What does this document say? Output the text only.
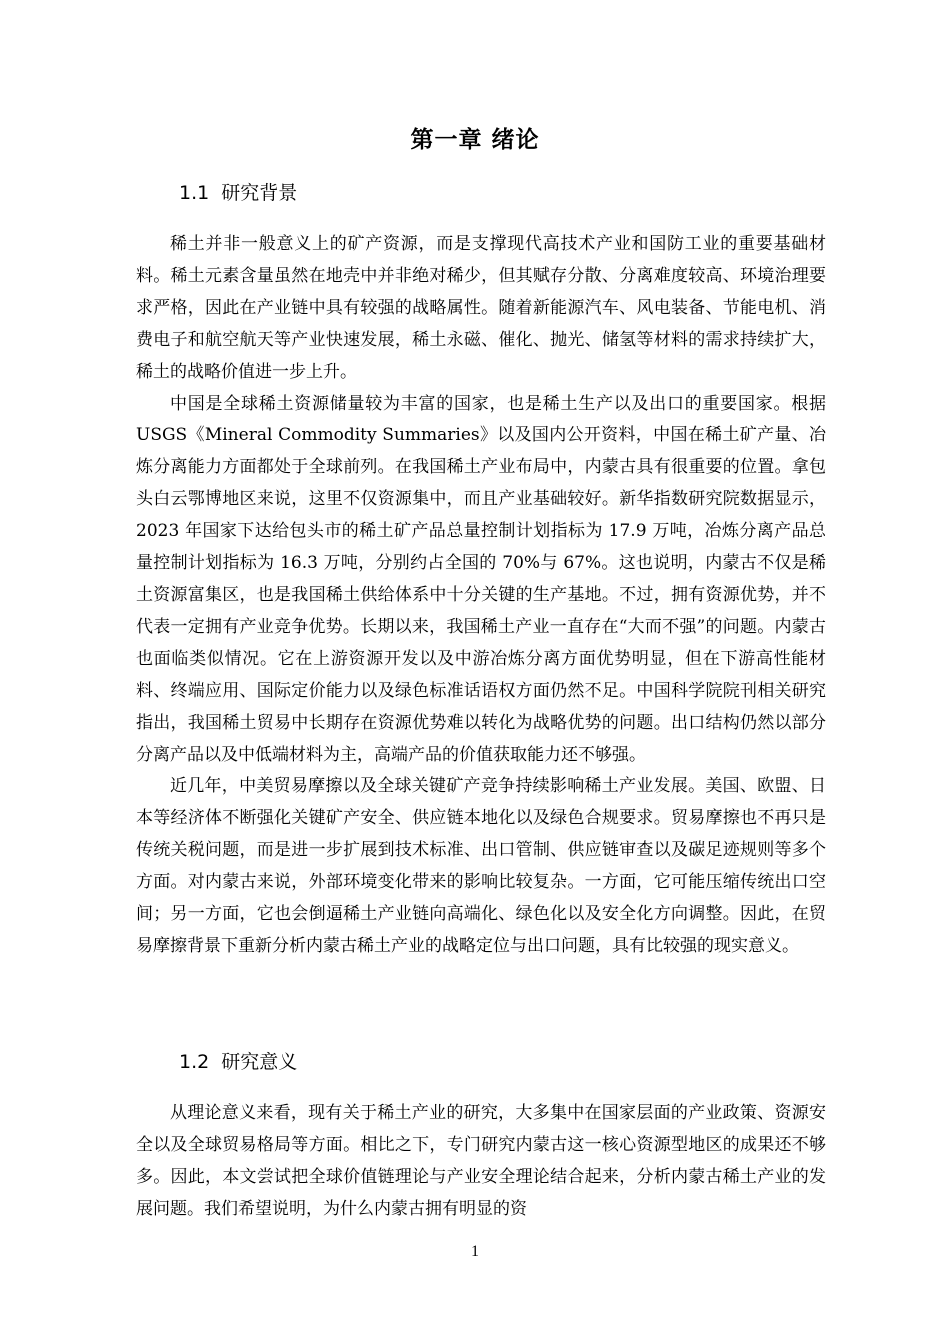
第一章 绪论
1.1 研究背景

稀土并非一般意义上的矿产资源，而是支撑现代高技术产业和国防工业的重要基础材料。稀土元素含量虽然在地壳中并非绝对稀少，但其赋存分散、分离难度较高、环境治理要求严格，因此在产业链中具有较强的战略属性。随着新能源汽车、风电装备、节能电机、消费电子和航空航天等产业快速发展，稀土永磁、催化、抛光、储氢等材料的需求持续扩大，稀土的战略价值进一步上升。

中国是全球稀土资源储量较为丰富的国家，也是稀土生产以及出口的重要国家。根据 USGS《Mineral Commodity Summaries》以及国内公开资料，中国在稀土矿产量、冶炼分离能力方面都处于全球前列。在我国稀土产业布局中，内蒙古具有很重要的位置。拿包头白云鄂博地区来说，这里不仅资源集中，而且产业基础较好。新华指数研究院数据显示，2023 年国家下达给包头市的稀土矿产品总量控制计划指标为 17.9 万吨，冶炼分离产品总量控制计划指标为 16.3 万吨，分别约占全国的 70%与 67%。这也说明，内蒙古不仅是稀土资源富集区，也是我国稀土供给体系中十分关键的生产基地。不过，拥有资源优势，并不代表一定拥有产业竞争优势。长期以来，我国稀土产业一直存在“大而不强”的问题。内蒙古也面临类似情况。它在上游资源开发以及中游冶炼分离方面优势明显，但在下游高性能材料、终端应用、国际定价能力以及绿色标准话语权方面仍然不足。中国科学院院刊相关研究指出，我国稀土贸易中长期存在资源优势难以转化为战略优势的问题。出口结构仍然以部分分离产品以及中低端材料为主，高端产品的价值获取能力还不够强。

近几年，中美贸易摩擦以及全球关键矿产竞争持续影响稀土产业发展。美国、欧盟、日本等经济体不断强化关键矿产安全、供应链本地化以及绿色合规要求。贸易摩擦也不再只是传统关税问题，而是进一步扩展到技术标准、出口管制、供应链审查以及碳足迹规则等多个方面。对内蒙古来说，外部环境变化带来的影响比较复杂。一方面，它可能压缩传统出口空间；另一方面，它也会倒逼稀土产业链向高端化、绿色化以及安全化方向调整。因此，在贸易摩擦背景下重新分析内蒙古稀土产业的战略定位与出口问题，具有比较强的现实意义。

1.2 研究意义

从理论意义来看，现有关于稀土产业的研究，大多集中在国家层面的产业政策、资源安全以及全球贸易格局等方面。相比之下，专门研究内蒙古这一核心资源型地区的成果还不够多。因此，本文尝试把全球价值链理论与产业安全理论结合起来，分析内蒙古稀土产业的发展问题。我们希望说明，为什么内蒙古拥有明显的资

1
